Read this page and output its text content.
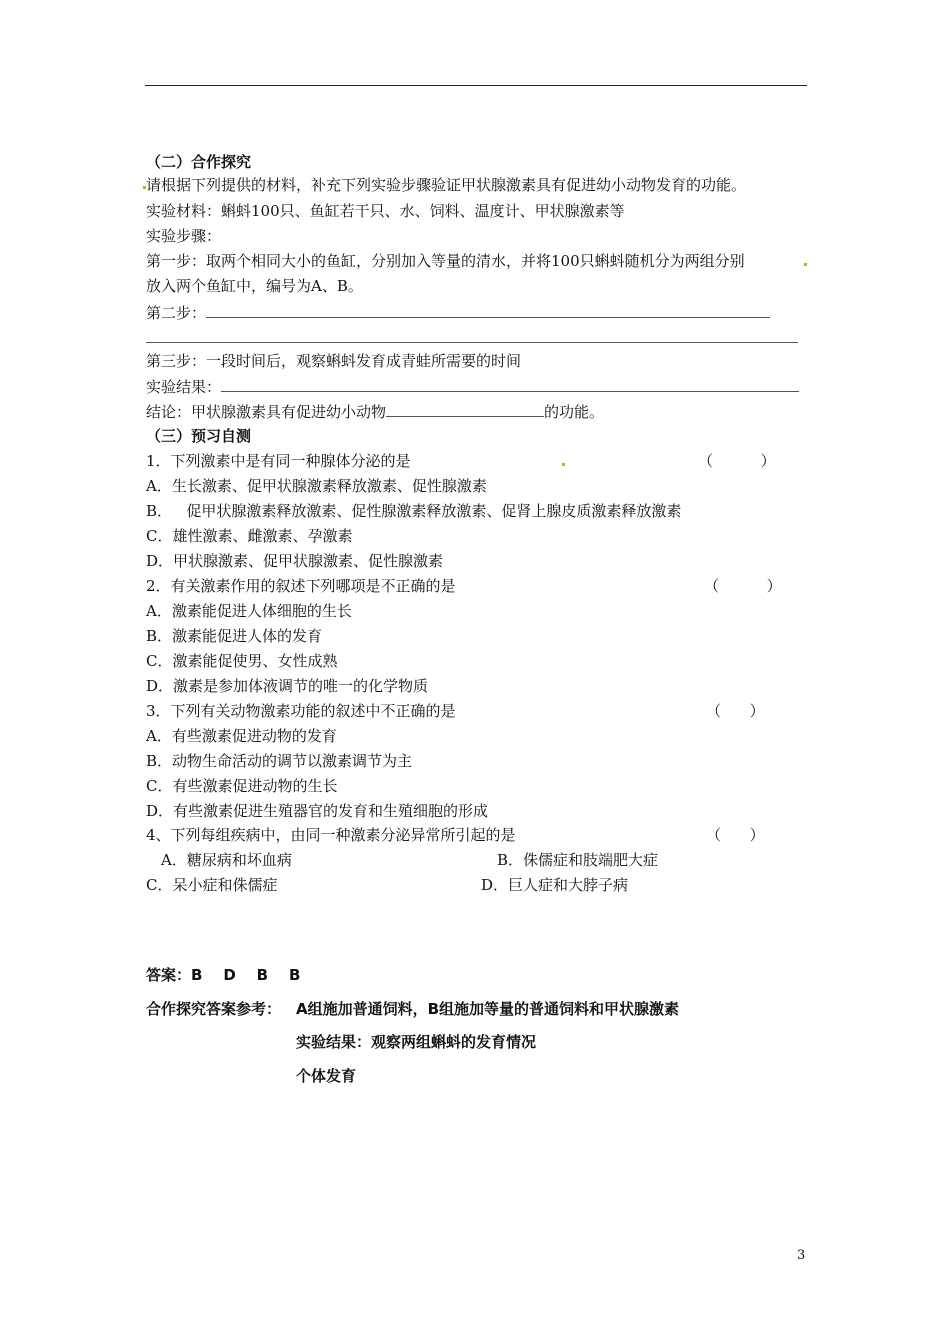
（二）合作探究
请根据下列提供的材料，补充下列实验步骤验证甲状腺激素具有促进幼小动物发育的功能。
实验材料：蝌蚪100只、鱼缸若干只、水、饲料、温度计、甲状腺激素等
实验步骤：
第一步：取两个相同大小的鱼缸，分别加入等量的清水，并将100只蝌蚪随机分为两组分别
放入两个鱼缸中，编号为A、B。
第二步：
第三步：一段时间后，观察蝌蚪发育成青蛙所需要的时间
实验结果：
结论：甲状腺激素具有促进幼小动物	的功能。
（三）预习自测
1．下列激素中是有同一种腺体分泌的是	（          ）
A．生长激素、促甲状腺激素释放激素、促性腺激素
B．   促甲状腺激素释放激素、促性腺激素释放激素、促肾上腺皮质激素释放激素
C．雄性激素、雌激素、孕激素
D．甲状腺激素、促甲状腺激素、促性腺激素
2．有关激素作用的叙述下列哪项是不正确的是	（          ）
A．激素能促进人体细胞的生长
B．激素能促进人体的发育
C．激素能促使男、女性成熟
D．激素是参加体液调节的唯一的化学物质
3．下列有关动物激素功能的叙述中不正确的是	（      ）
A．有些激素促进动物的发育
B．动物生命活动的调节以激素调节为主
C．有些激素促进动物的生长
D．有些激素促进生殖器官的发育和生殖细胞的形成
4、下列每组疾病中，由同一种激素分泌异常所引起的是	（      ）
A．糖尿病和坏血病	B．侏儒症和肢端肥大症
C．呆小症和侏儒症	D．巨人症和大脖子病
答案：B    D    B    B
合作探究答案参考： A组施加普通饲料，B组施加等量的普通饲料和甲状腺激素
实验结果：观察两组蝌蚪的发育情况
个体发育
3
